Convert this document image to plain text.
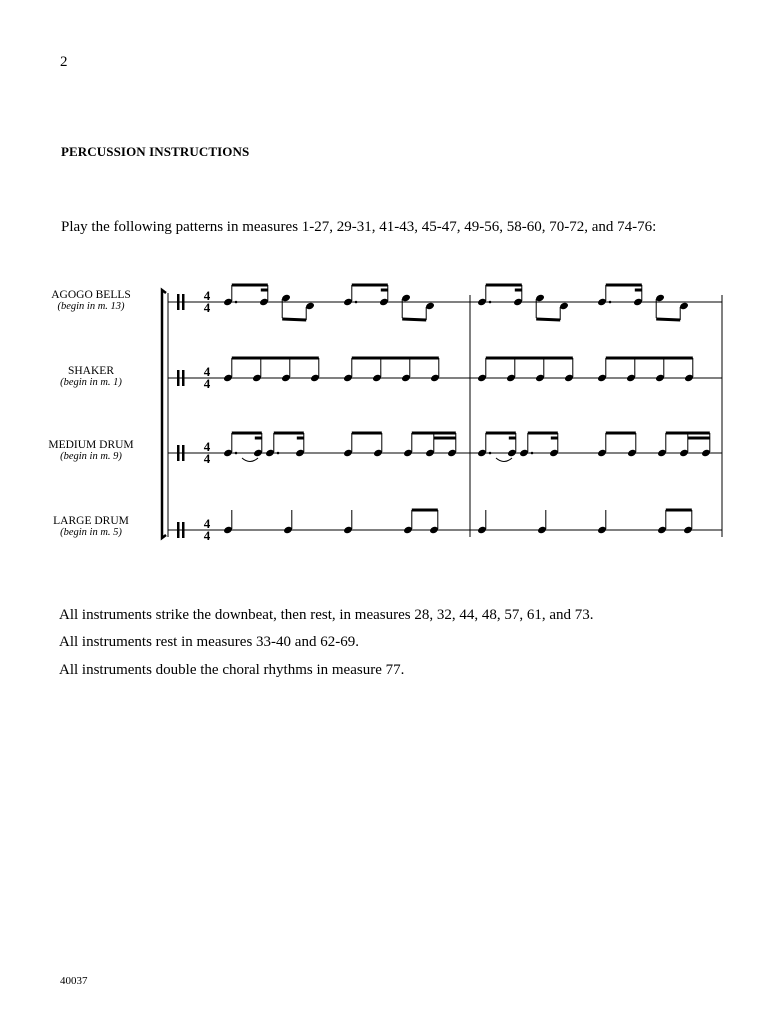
2
PERCUSSION INSTRUCTIONS
Play the following patterns in measures 1-27, 29-31, 41-43, 45-47, 49-56, 58-60, 70-72, and 74-76:
AGOGO BELLS
(begin in m. 13)
SHAKER
(begin in m. 1)
MEDIUM DRUM
(begin in m. 9)
LARGE DRUM
(begin in m. 5)
4
4
4
4
4
4
4
4
All instruments strike the downbeat, then rest, in measures 28, 32, 44, 48, 57, 61, and 73.
All instruments rest in measures 33-40 and 62-69.
All instruments double the choral rhythms in measure 77.
40037
